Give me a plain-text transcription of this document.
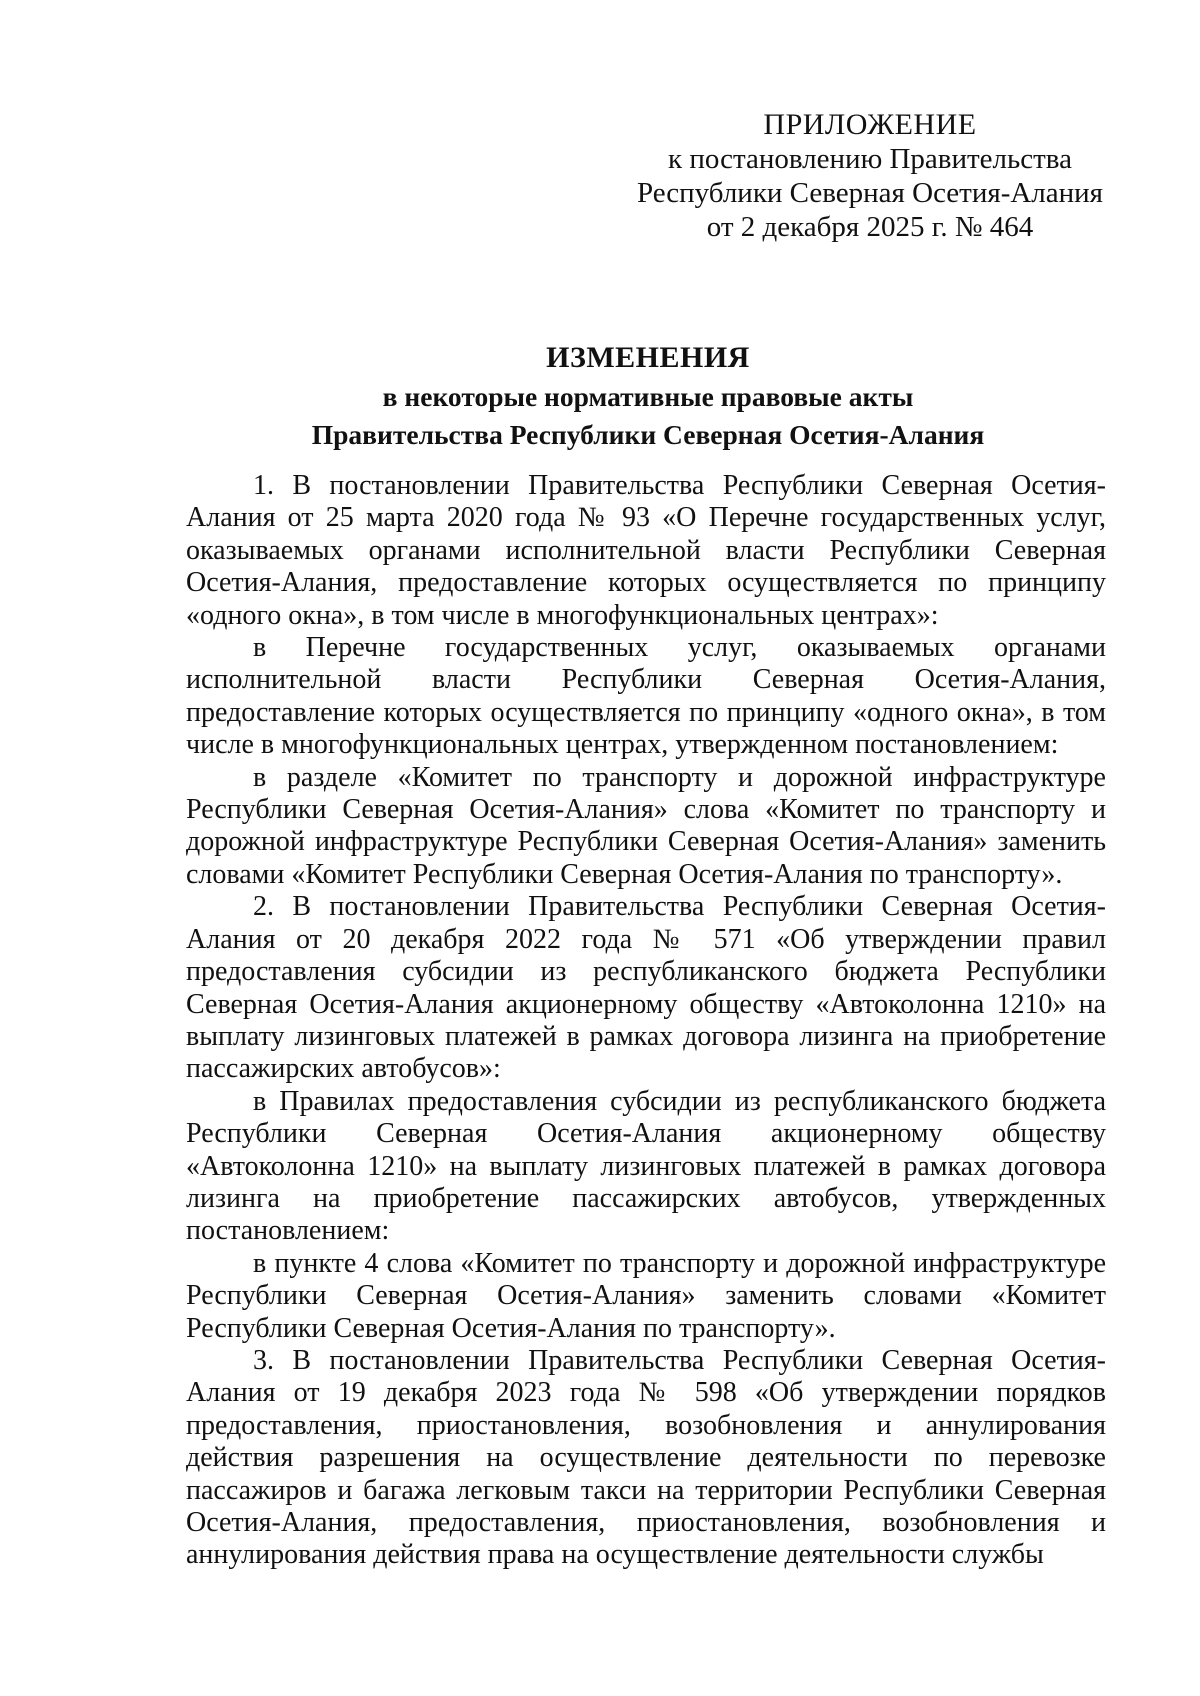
ПРИЛОЖЕНИЕ
к постановлению Правительства
Республики Северная Осетия-Алания
от 2 декабря 2025 г. № 464
ИЗМЕНЕНИЯ
в некоторые нормативные правовые акты
Правительства Республики Северная Осетия-Алания

1. В постановлении Правительства Республики Северная Осетия-Алания от 25 марта 2020 года № 93 «О Перечне государственных услуг, оказываемых органами исполнительной власти Республики Северная Осетия-Алания, предоставление которых осуществляется по принципу «одного окна», в том числе в многофункциональных центрах»:

в Перечне государственных услуг, оказываемых органами исполнительной власти Республики Северная Осетия-Алания, предоставление которых осуществляется по принципу «одного окна», в том числе в многофункциональных центрах, утвержденном постановлением:

в разделе «Комитет по транспорту и дорожной инфраструктуре Республики Северная Осетия-Алания» слова «Комитет по транспорту и дорожной инфраструктуре Республики Северная Осетия-Алания» заменить словами «Комитет Республики Северная Осетия-Алания по транспорту».

2. В постановлении Правительства Республики Северная Осетия-Алания от 20 декабря 2022 года № 571 «Об утверждении правил предоставления субсидии из республиканского бюджета Республики Северная Осетия-Алания акционерному обществу «Автоколонна 1210» на выплату лизинговых платежей в рамках договора лизинга на приобретение пассажирских автобусов»:

в Правилах предоставления субсидии из республиканского бюджета Республики Северная Осетия-Алания акционерному обществу «Автоколонна 1210» на выплату лизинговых платежей в рамках договора лизинга на приобретение пассажирских автобусов, утвержденных постановлением:

в пункте 4 слова «Комитет по транспорту и дорожной инфраструктуре Республики Северная Осетия-Алания» заменить словами «Комитет Республики Северная Осетия-Алания по транспорту».

3. В постановлении Правительства Республики Северная Осетия-Алания от 19 декабря 2023 года № 598 «Об утверждении порядков предоставления, приостановления, возобновления и аннулирования действия разрешения на осуществление деятельности по перевозке пассажиров и багажа легковым такси на территории Республики Северная Осетия-Алания, предоставления, приостановления, возобновления и аннулирования действия права на осуществление деятельности службы
